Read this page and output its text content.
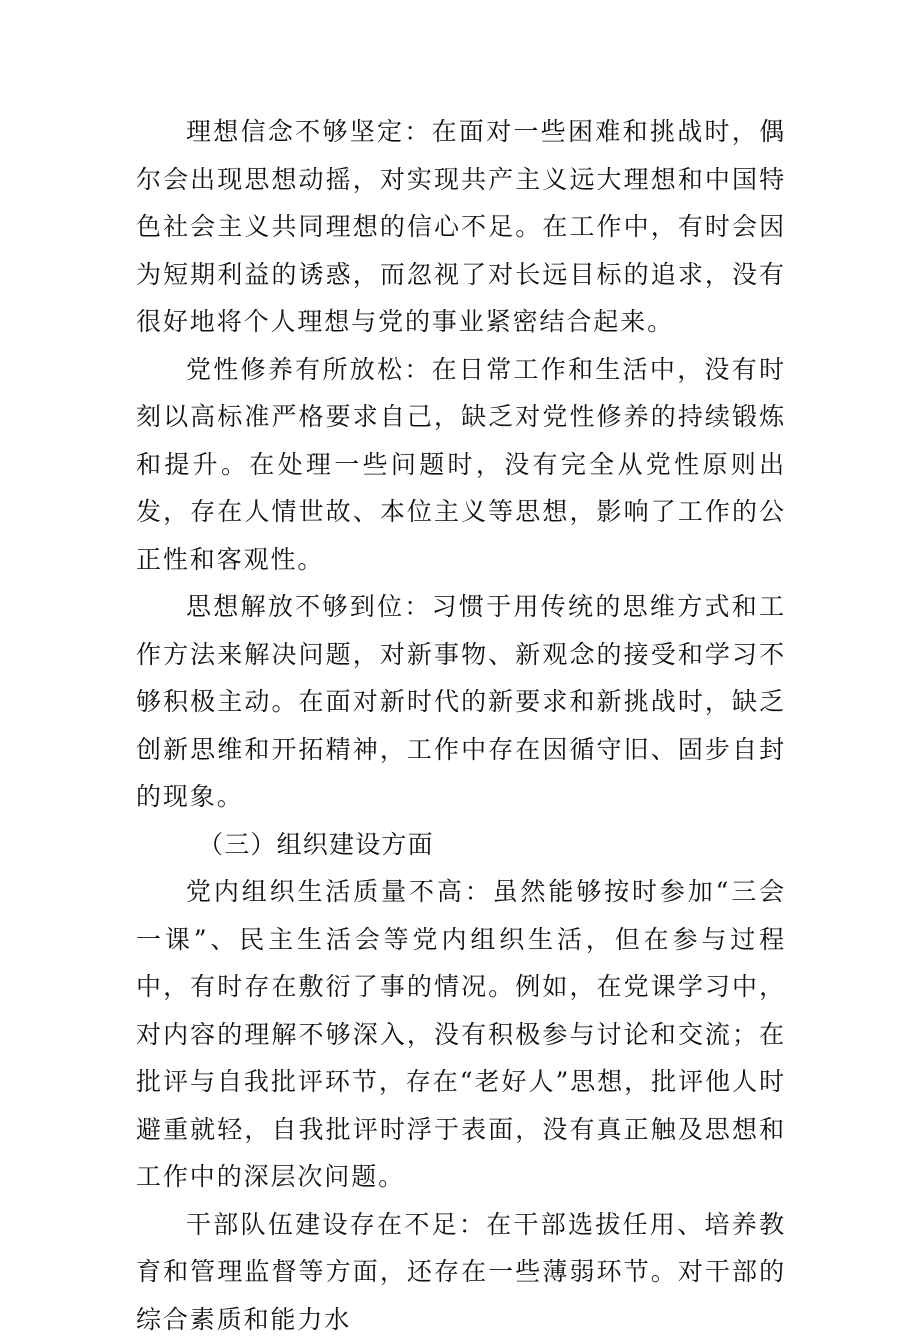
理想信念不够坚定：在面对一些困难和挑战时，偶尔会出现思想动摇，对实现共产主义远大理想和中国特色社会主义共同理想的信心不足。在工作中，有时会因为短期利益的诱惑，而忽视了对长远目标的追求，没有很好地将个人理想与党的事业紧密结合起来。

党性修养有所放松：在日常工作和生活中，没有时刻以高标准严格要求自己，缺乏对党性修养的持续锻炼和提升。在处理一些问题时，没有完全从党性原则出发，存在人情世故、本位主义等思想，影响了工作的公正性和客观性。

思想解放不够到位：习惯于用传统的思维方式和工作方法来解决问题，对新事物、新观念的接受和学习不够积极主动。在面对新时代的新要求和新挑战时，缺乏创新思维和开拓精神，工作中存在因循守旧、固步自封的现象。

（三）组织建设方面

党内组织生活质量不高：虽然能够按时参加“三会一课”、民主生活会等党内组织生活，但在参与过程中，有时存在敷衍了事的情况。例如，在党课学习中，对内容的理解不够深入，没有积极参与讨论和交流；在批评与自我批评环节，存在“老好人”思想，批评他人时避重就轻，自我批评时浮于表面，没有真正触及思想和工作中的深层次问题。

干部队伍建设存在不足：在干部选拔任用、培养教育和管理监督等方面，还存在一些薄弱环节。对干部的综合素质和能力水
